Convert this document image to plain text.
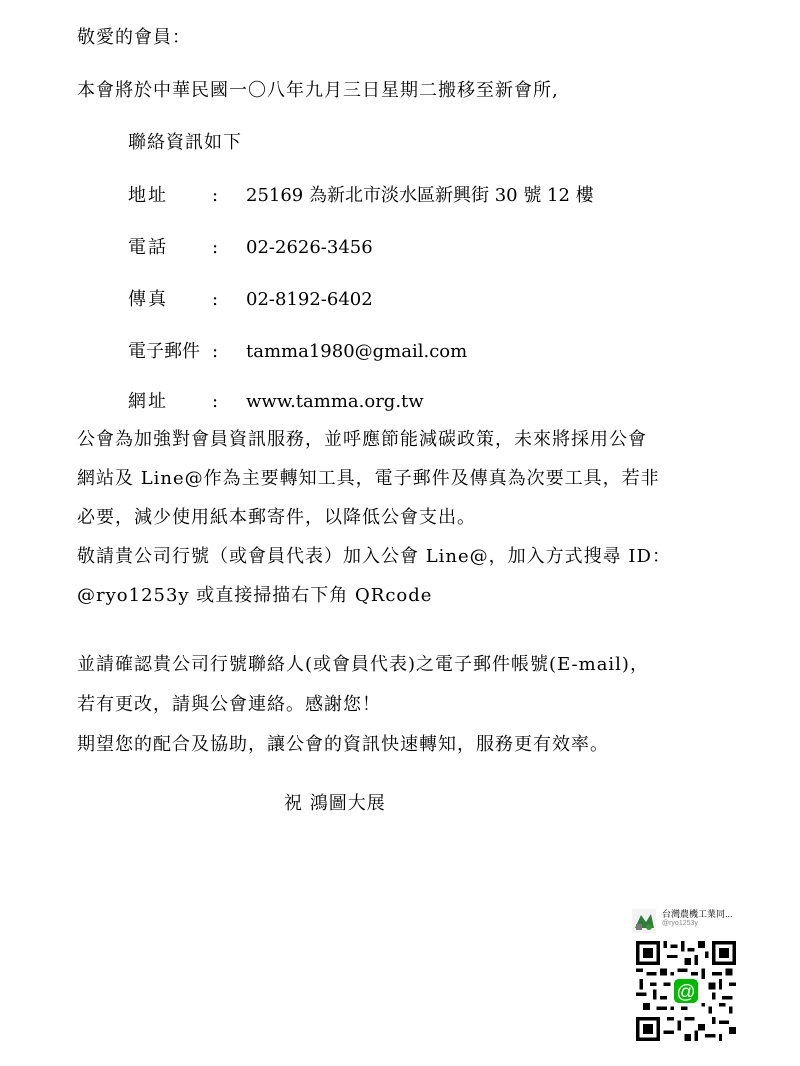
敬愛的會員：
本會將於中華民國一〇八年九月三日星期二搬移至新會所,
聯絡資訊如下
地址 : 25169 為新北市淡水區新興街 30 號 12 樓
電話 : 02-2626-3456
傳真 : 02-8192-6402
電子郵件 : tamma1980@gmail.com
網址 : www.tamma.org.tw
公會為加強對會員資訊服務，並呼應節能減碳政策，未來將採用公會
網站及 Line@作為主要轉知工具，電子郵件及傳真為次要工具，若非
必要，減少使用紙本郵寄件，以降低公會支出。
敬請貴公司行號（或會員代表）加入公會 Line@，加入方式搜尋 ID：
@ryo1253y 或直接掃描右下角 QRcode
並請確認貴公司行號聯絡人(或會員代表)之電子郵件帳號(E-mail)，
若有更改，請與公會連絡。感謝您！
期望您的配合及協助，讓公會的資訊快速轉知，服務更有效率。
祝 鴻圖大展
台灣農機工業同...
@ryo1253y
@
